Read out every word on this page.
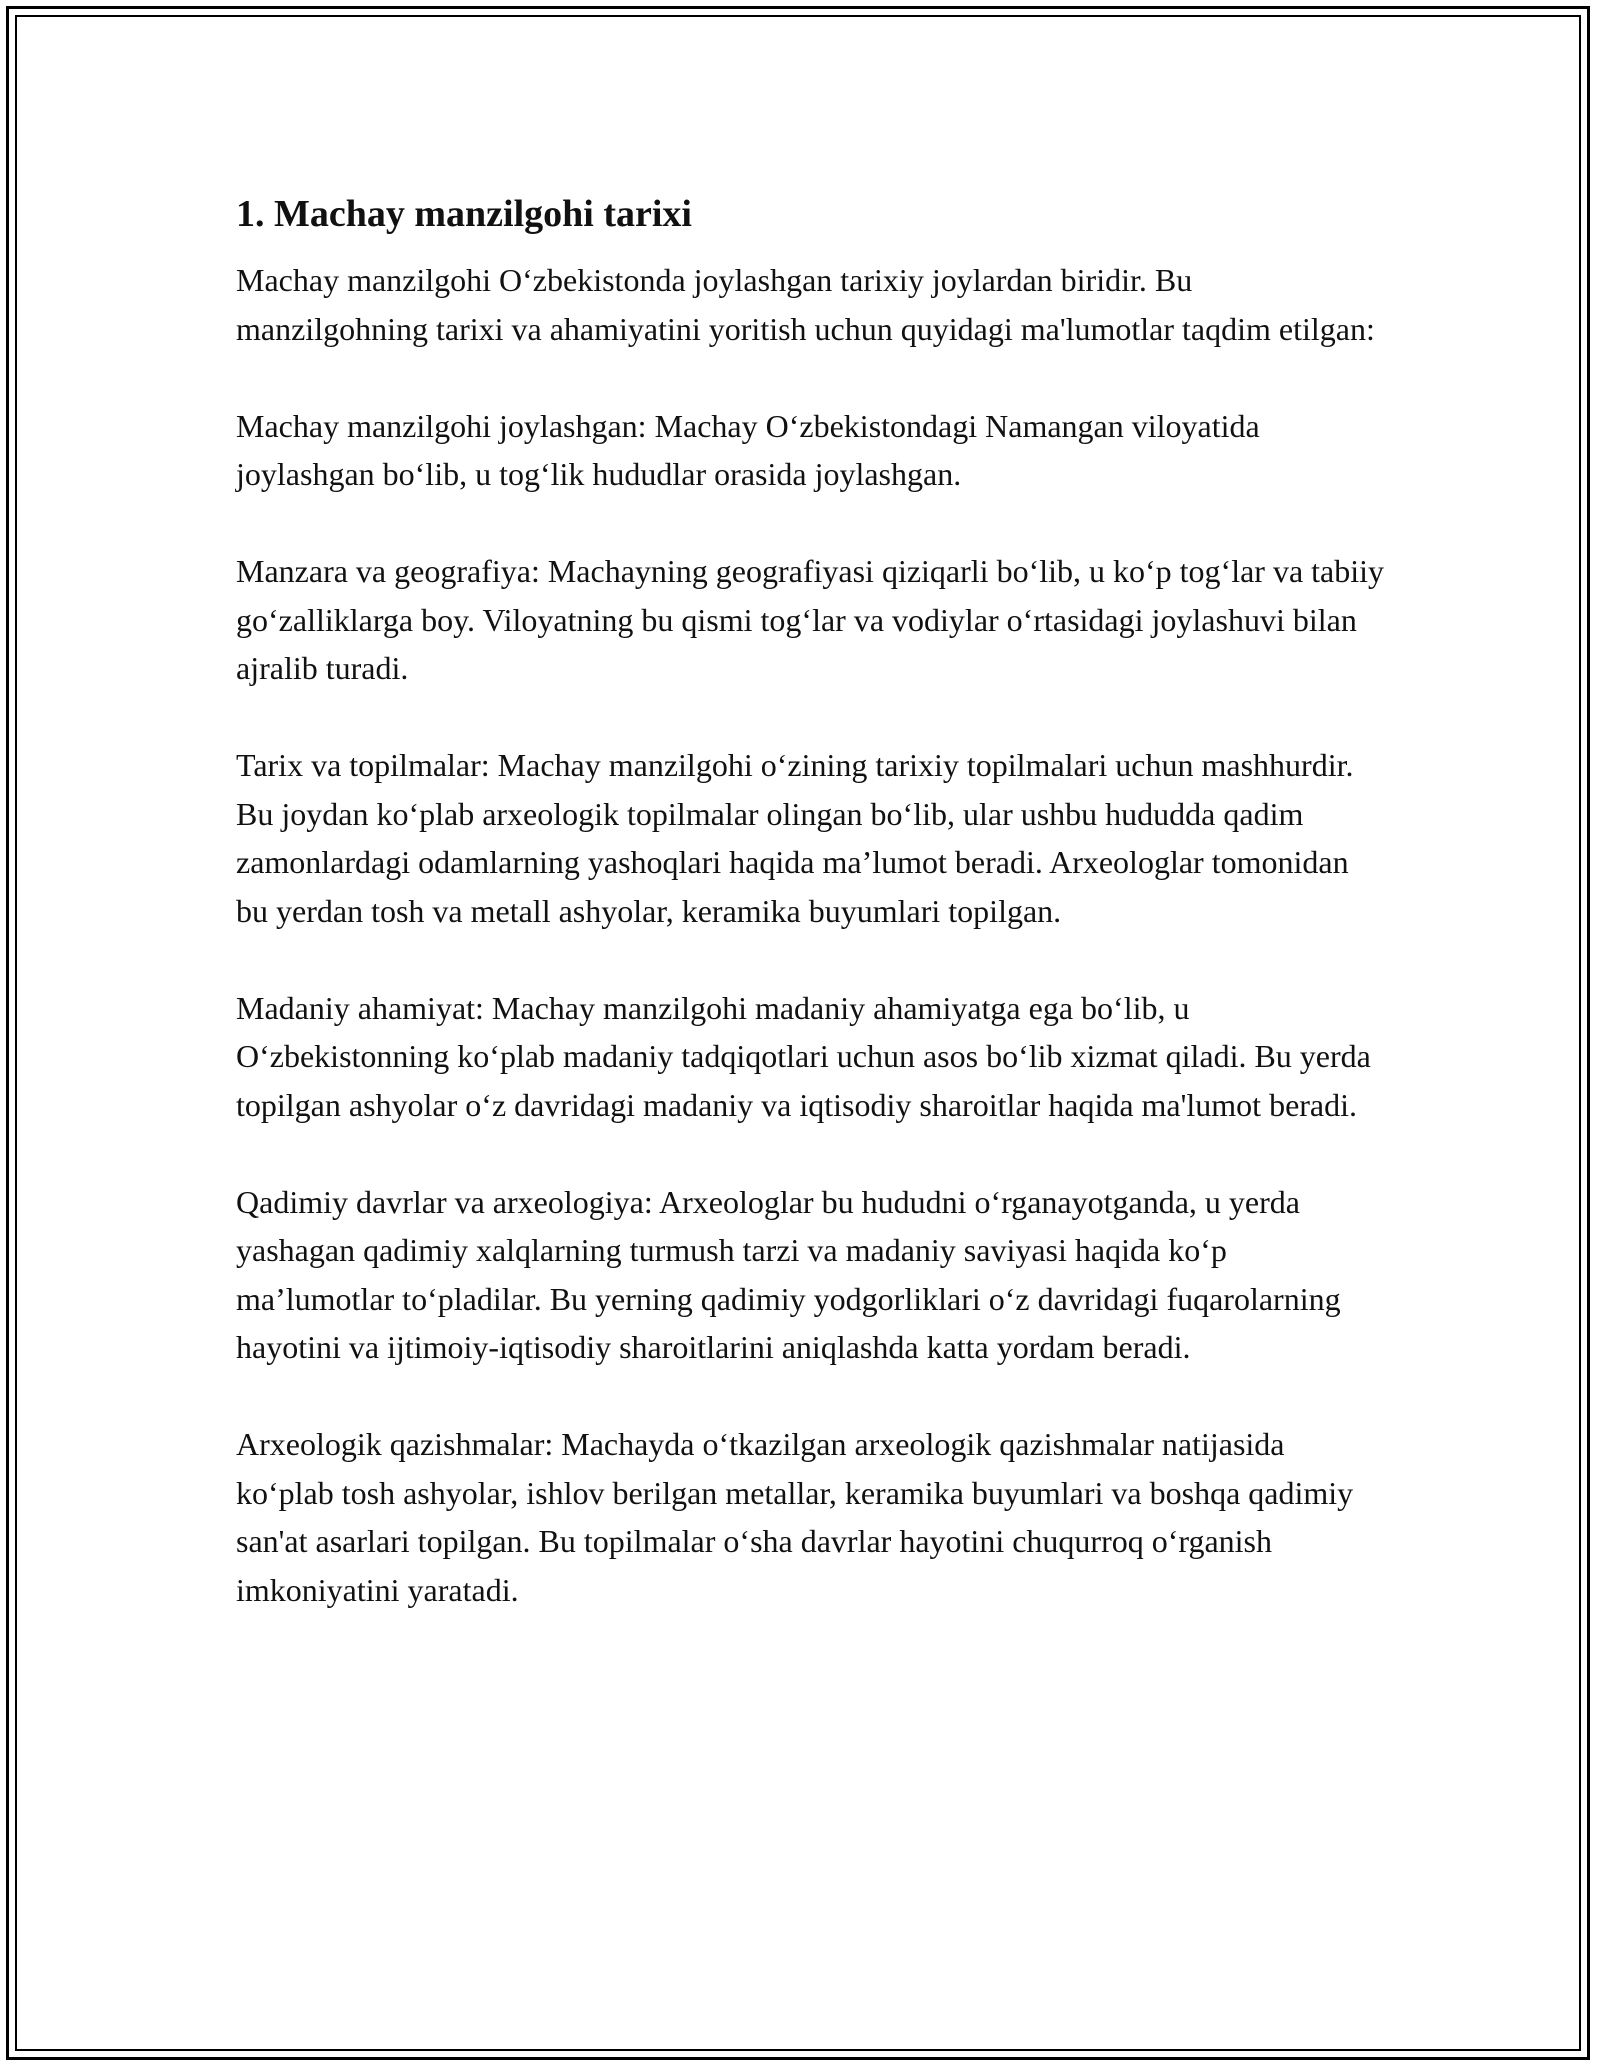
1. Machay manzilgohi tarixi

Machay manzilgohi O‘zbekistonda joylashgan tarixiy joylardan biridir. Bu manzilgohning tarixi va ahamiyatini yoritish uchun quyidagi ma'lumotlar taqdim etilgan:

Machay manzilgohi joylashgan: Machay O‘zbekistondagi Namangan viloyatida joylashgan bo‘lib, u tog‘lik hududlar orasida joylashgan.

Manzara va geografiya: Machayning geografiyasi qiziqarli bo‘lib, u ko‘p tog‘lar va tabiiy go‘zalliklarga boy. Viloyatning bu qismi tog‘lar va vodiylar o‘rtasidagi joylashuvi bilan ajralib turadi.

Tarix va topilmalar: Machay manzilgohi o‘zining tarixiy topilmalari uchun mashhurdir. Bu joydan ko‘plab arxeologik topilmalar olingan bo‘lib, ular ushbu hududda qadim zamonlardagi odamlarning yashoqlari haqida ma’lumot beradi. Arxeologlar tomonidan bu yerdan tosh va metall ashyolar, keramika buyumlari topilgan.

Madaniy ahamiyat: Machay manzilgohi madaniy ahamiyatga ega bo‘lib, u O‘zbekistonning ko‘plab madaniy tadqiqotlari uchun asos bo‘lib xizmat qiladi. Bu yerda topilgan ashyolar o‘z davridagi madaniy va iqtisodiy sharoitlar haqida ma'lumot beradi.

Qadimiy davrlar va arxeologiya: Arxeologlar bu hududni o‘rganayotganda, u yerda yashagan qadimiy xalqlarning turmush tarzi va madaniy saviyasi haqida ko‘p ma’lumotlar to‘pladilar. Bu yerning qadimiy yodgorliklari o‘z davridagi fuqarolarning hayotini va ijtimoiy-iqtisodiy sharoitlarini aniqlashda katta yordam beradi.

Arxeologik qazishmalar: Machayda o‘tkazilgan arxeologik qazishmalar natijasida ko‘plab tosh ashyolar, ishlov berilgan metallar, keramika buyumlari va boshqa qadimiy san'at asarlari topilgan. Bu topilmalar o‘sha davrlar hayotini chuqurroq o‘rganish imkoniyatini yaratadi.
